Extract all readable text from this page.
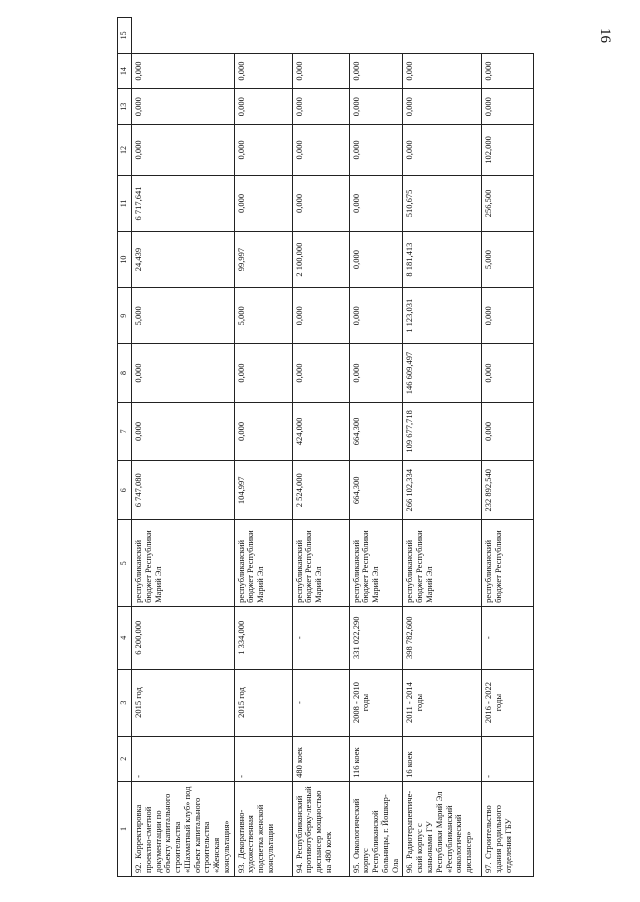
16
1	2	3	4	5	6	7	8	9	10	11	12	13	14	15
92.Корректировка проектно-сметной документации по объекту капитального строительства «Шахматный клуб» под объект капитального строительства «Женская консультация»	-	2015 год	6 200,000	республиканский бюджет Республики Марий Эл	6 747,080	0,000	0,000	5,000	24,439	6 717,641	0,000	0,000	0,000	
93.Декоративно-художественная подсветка женской консультации	-	2015 год	1 334,000	республиканский бюджет Республики Марий Эл	104,997	0,000	0,000	5,000	99,997	0,000	0,000	0,000	0,000	
94.Республиканский противотуберку-лезный диспансер мощностью на 480 коек	480 коек	-	-	республиканский бюджет Республики Марий Эл	2 524,000	424,000	0,000	0,000	2 100,000	0,000	0,000	0,000	0,000	
95.Онкологический корпус Республиканской больницы, г. Йошкар-Ола	116 коек	2008 - 2010 годы	331 022,290	республиканский бюджет Республики Марий Эл	664,300	664,300	0,000	0,000	0,000	0,000	0,000	0,000	0,000	
96.Радиотерапевтиче-ский корпус с каньонами ГУ Республики Марий Эл «Республиканский онкологический диспансер»	16 коек	2011 - 2014 годы	398 782,600	республиканский бюджет Республики Марий Эл	266 102,334	109 677,718	146 609,497	1 123,031	8 181,413	510,675	0,000	0,000	0,000	
97.Строительство здания родильного отделения ГБУ	-	2016 - 2022 годы	-	республиканский бюджет Республики	232 892,540	0,000	0,000	0,000	5,000	256,500	102,000	0,000	0,000	
